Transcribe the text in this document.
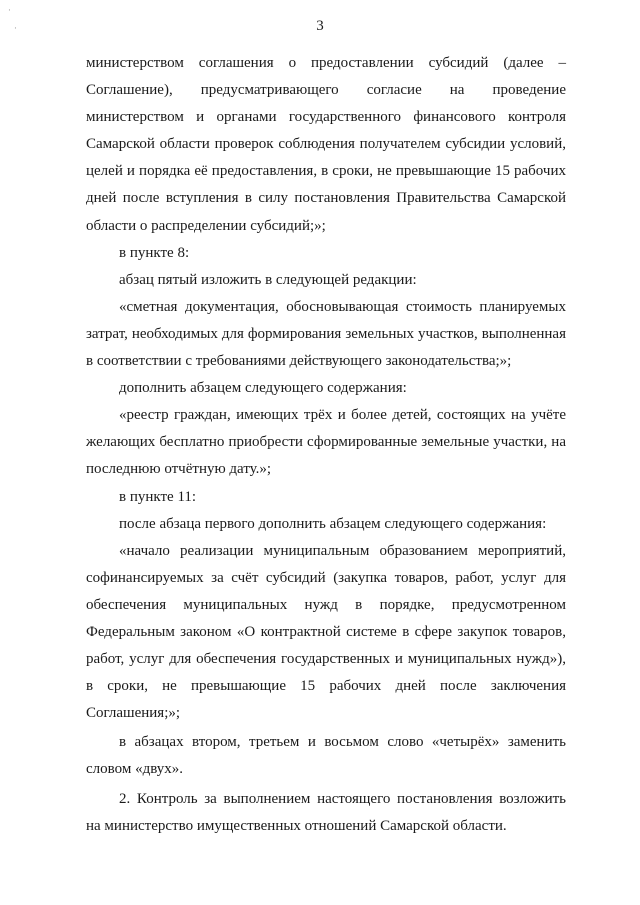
·
·	3
министерством соглашения о предоставлении субсидий (далее –
Соглашение), предусматривающего согласие на проведение
министерством и органами государственного финансового контроля
Самарской области проверок соблюдения получателем субсидии условий,
целей и порядка её предоставления, в сроки, не превышающие 15 рабочих
дней после вступления в силу постановления Правительства Самарской
области о распределении субсидий;»;
в пункте 8:
абзац пятый изложить в следующей редакции:
«сметная документация, обосновывающая стоимость планируемых
затрат, необходимых для формирования земельных участков, выполненная
в соответствии с требованиями действующего законодательства;»;
дополнить абзацем следующего содержания:
«реестр граждан, имеющих трёх и более детей, состоящих на учёте
желающих бесплатно приобрести сформированные земельные участки, на
последнюю отчётную дату.»;
в пункте 11:
после абзаца первого дополнить абзацем следующего содержания:
«начало реализации муниципальным образованием мероприятий,
софинансируемых за счёт субсидий (закупка товаров, работ, услуг для
обеспечения муниципальных нужд в порядке, предусмотренном
Федеральным законом «О контрактной системе в сфере закупок товаров,
работ, услуг для обеспечения государственных и муниципальных нужд»),
в сроки, не превышающие 15 рабочих дней после заключения
Соглашения;»;
в абзацах втором, третьем и восьмом слово «четырёх» заменить
словом «двух».
2. Контроль за выполнением настоящего постановления возложить
на министерство имущественных отношений Самарской области.
